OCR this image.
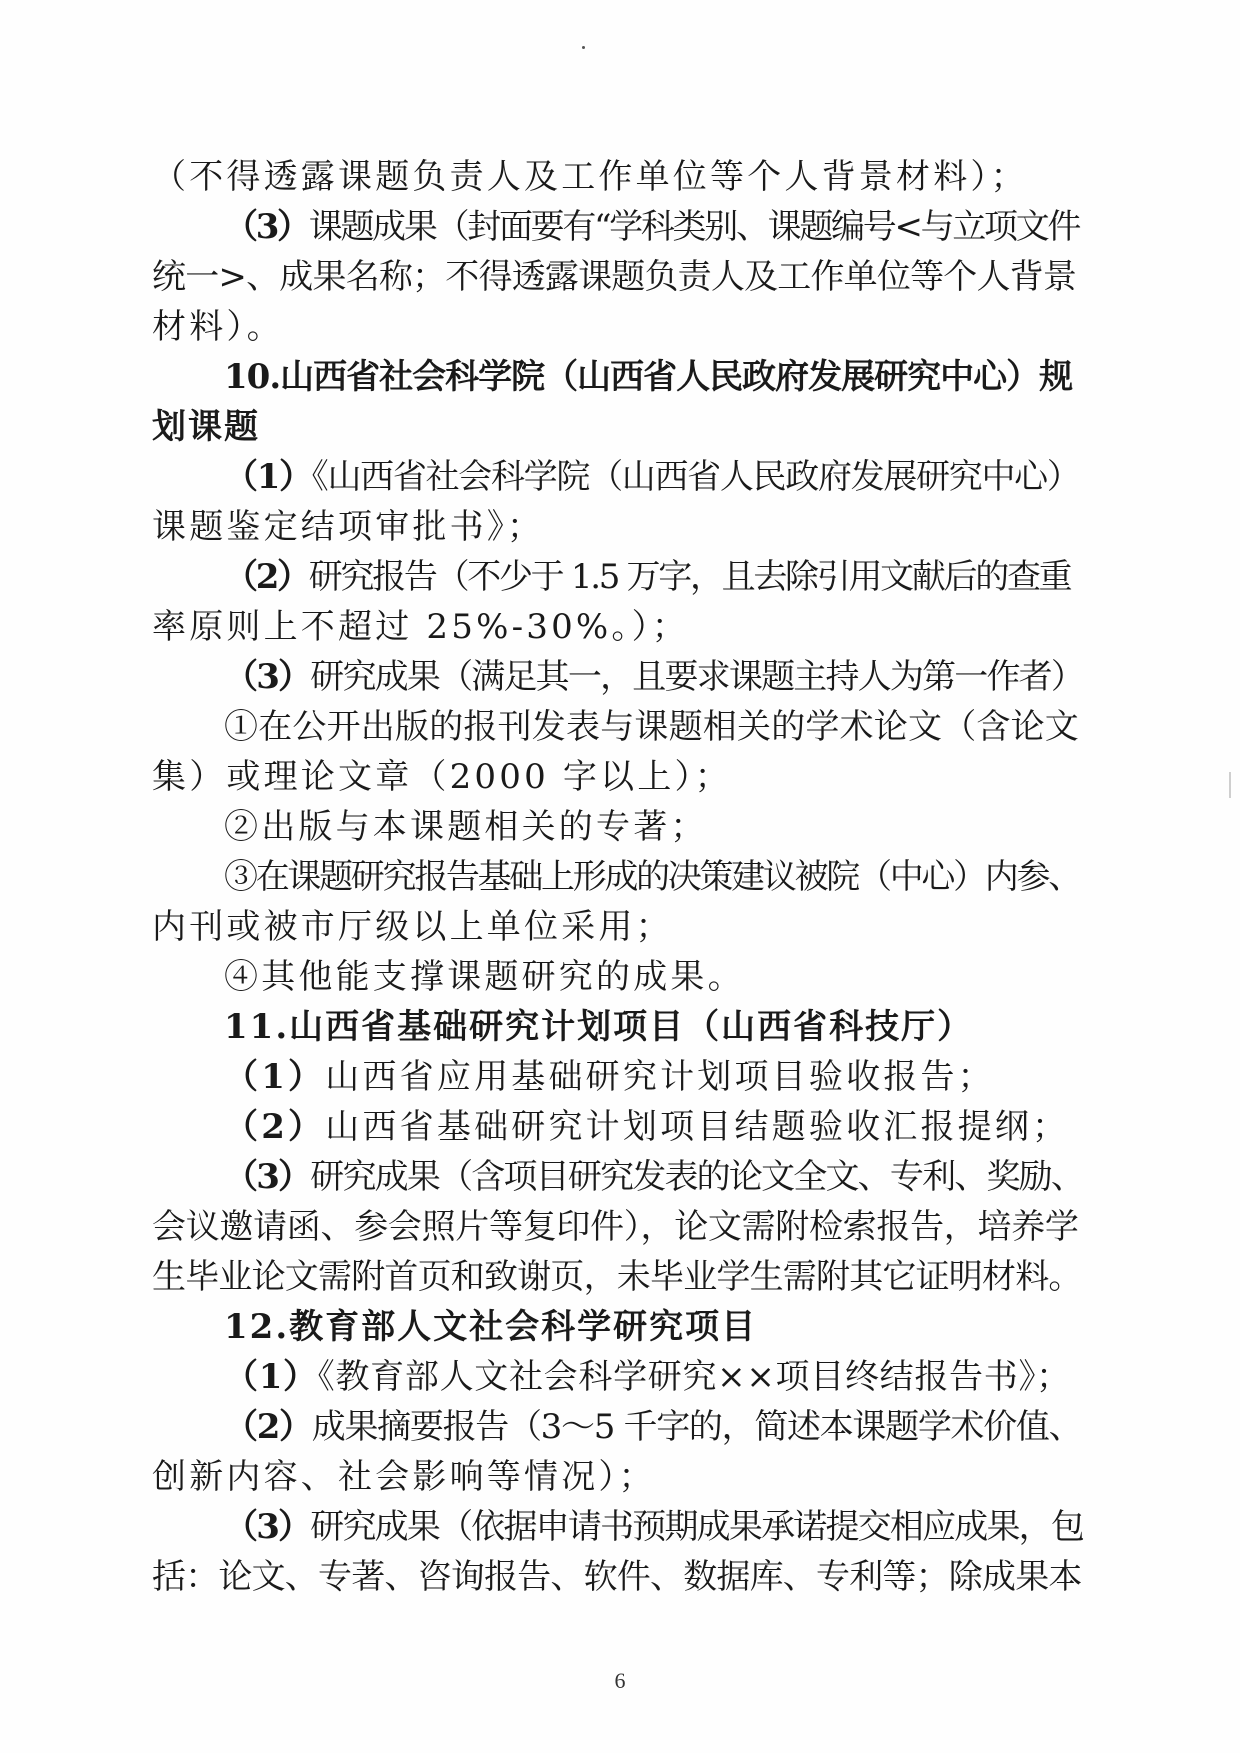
（不得透露课题负责人及工作单位等个人背景材料）；
（3）课题成果（封面要有“学科类别、课题编号<与立项文件
统一>、成果名称；不得透露课题负责人及工作单位等个人背景
材料）。
10.山西省社会科学院（山西省人民政府发展研究中心）规
划课题
（1）《山西省社会科学院（山西省人民政府发展研究中心）
课题鉴定结项审批书》；
（2）研究报告（不少于 1.5 万字，且去除引用文献后的查重
率原则上不超过 25%-30%。）；
（3）研究成果（满足其一，且要求课题主持人为第一作者）
①在公开出版的报刊发表与课题相关的学术论文（含论文
集）或理论文章（2000 字以上）；
②出版与本课题相关的专著；
③在课题研究报告基础上形成的决策建议被院（中心）内参、
内刊或被市厅级以上单位采用；
④其他能支撑课题研究的成果。
11.山西省基础研究计划项目（山西省科技厅）
（1）山西省应用基础研究计划项目验收报告；
（2）山西省基础研究计划项目结题验收汇报提纲；
（3）研究成果（含项目研究发表的论文全文、专利、奖励、
会议邀请函、参会照片等复印件），论文需附检索报告，培养学
生毕业论文需附首页和致谢页，未毕业学生需附其它证明材料。
12.教育部人文社会科学研究项目
（1）《教育部人文社会科学研究××项目终结报告书》；
（2）成果摘要报告（3～5 千字的，简述本课题学术价值、
创新内容、社会影响等情况）；
（3）研究成果（依据申请书预期成果承诺提交相应成果，包
括：论文、专著、咨询报告、软件、数据库、专利等；除成果本
6
